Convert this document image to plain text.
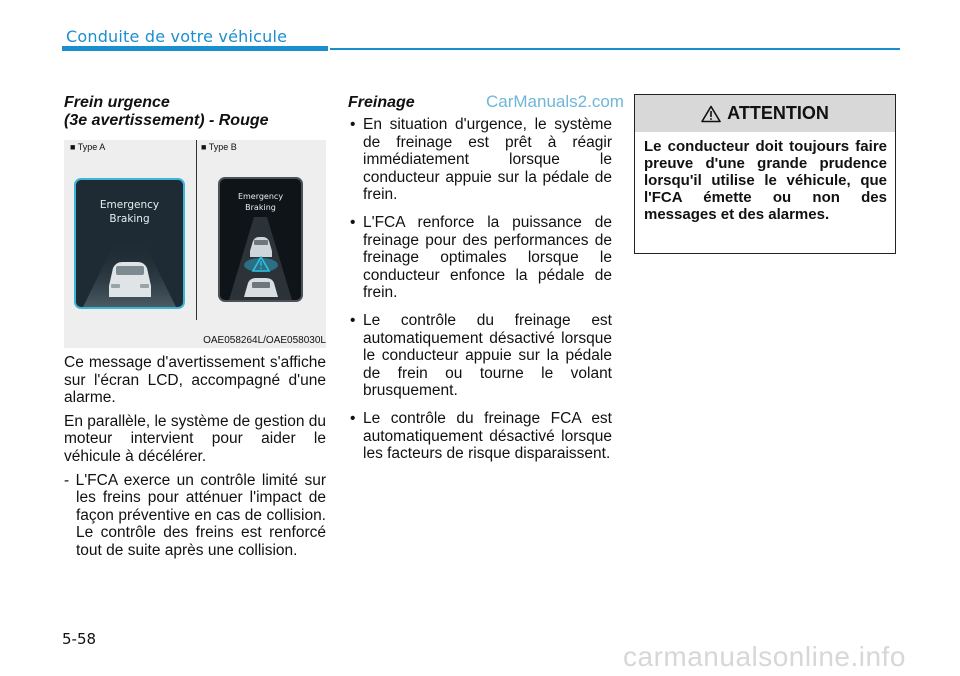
Conduite de votre véhicule
CarManuals2.com
Frein urgence
(3e avertissement) - Rouge
■ Type A	■ Type B
Emergency
Braking
Emergency
Braking
OAE058264L/OAE058030L

Ce message d'avertissement s'affiche sur l'écran LCD, accompagné d'une alarme.

En parallèle, le système de gestion du moteur intervient pour aider le véhicule à décélérer.

- L'FCA exerce un contrôle limité sur les freins pour atténuer l'impact de façon préventive en cas de collision. Le contrôle des freins est renforcé tout de suite après une collision.

Freinage
• En situation d'urgence, le système de freinage est prêt à réagir immédiatement lorsque le conducteur appuie sur la pédale de frein.
• L'FCA renforce la puissance de freinage pour des performances de freinage optimales lorsque le conducteur enfonce la pédale de frein.
• Le contrôle du freinage est automatiquement désactivé lorsque le conducteur appuie sur la pédale de frein ou tourne le volant brusquement.
• Le contrôle du freinage FCA est automatiquement désactivé lorsque les facteurs de risque disparaissent.
ATTENTION
Le conducteur doit toujours faire preuve d'une grande prudence lorsqu'il utilise le véhicule, que l'FCA émette ou non des messages et des alarmes.
5-58
carmanualsonline.info
